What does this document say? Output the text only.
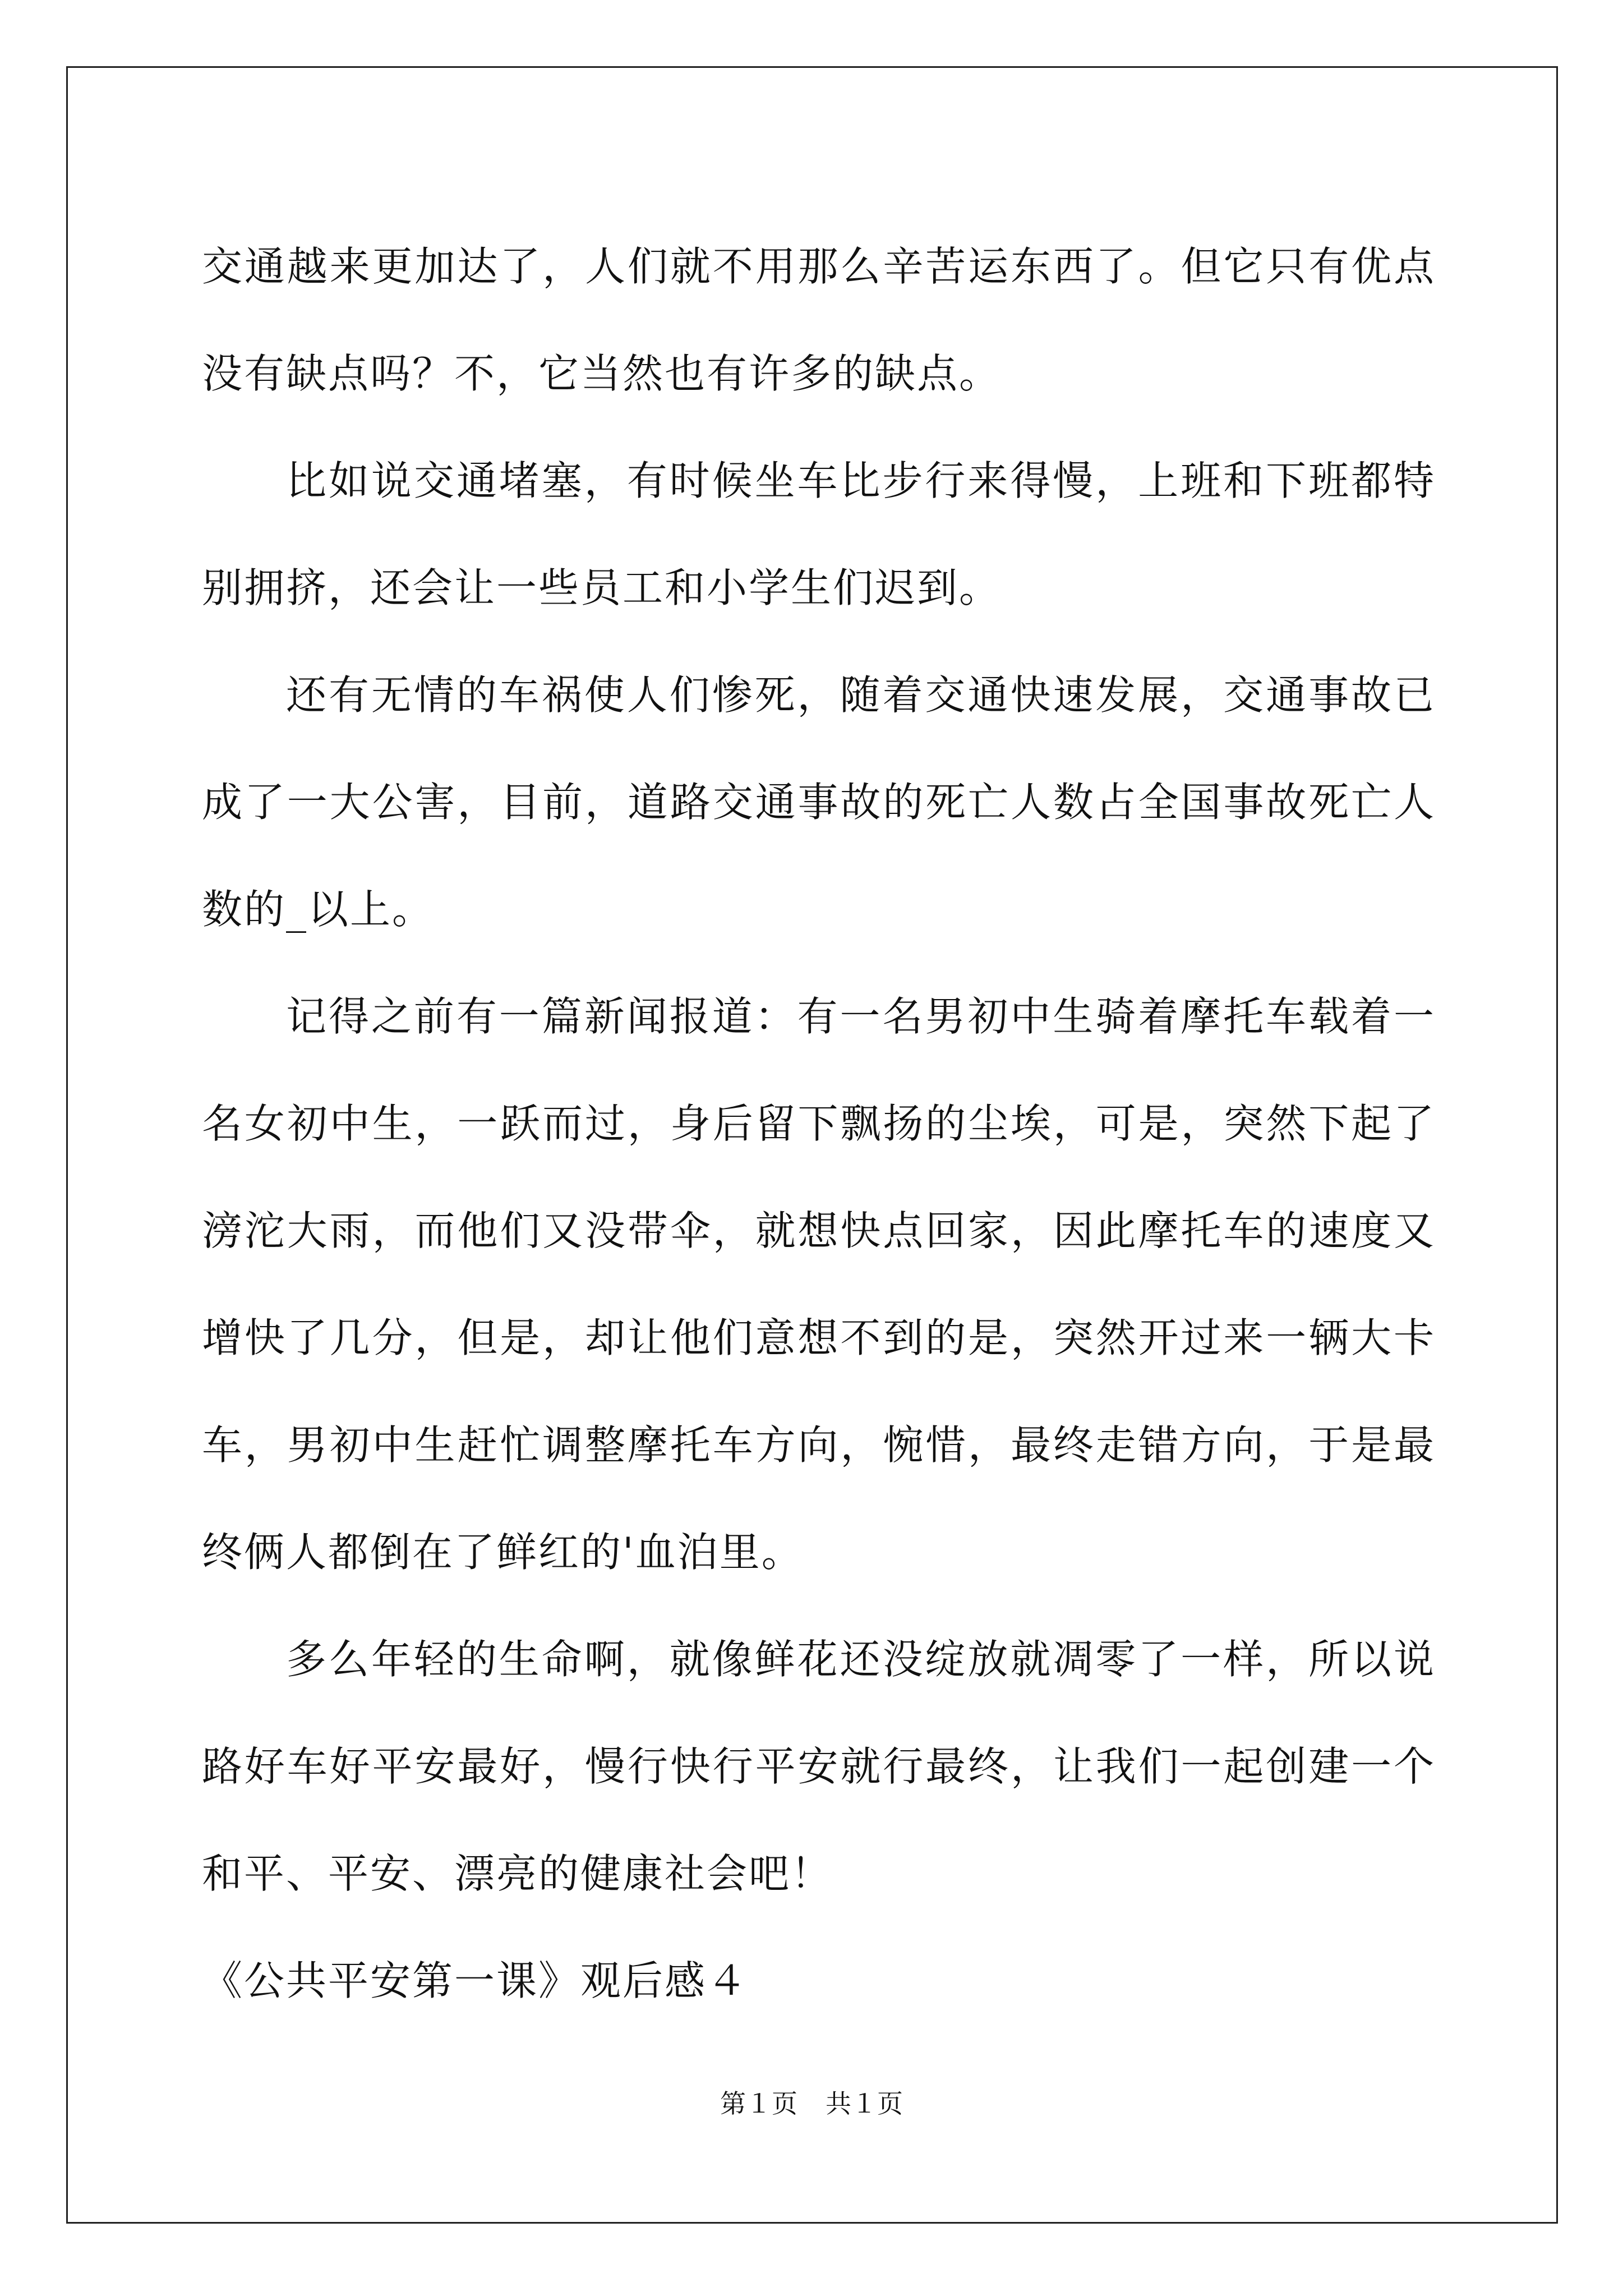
交通越来更加达了，人们就不用那么辛苦运东西了。但它只有优点没有缺点吗？不，它当然也有许多的缺点。

比如说交通堵塞，有时候坐车比步行来得慢，上班和下班都特别拥挤，还会让一些员工和小学生们迟到。

还有无情的车祸使人们惨死，随着交通快速发展，交通事故已成了一大公害，目前，道路交通事故的死亡人数占全国事故死亡人数的_以上。

记得之前有一篇新闻报道：有一名男初中生骑着摩托车载着一名女初中生，一跃而过，身后留下飘扬的尘埃，可是，突然下起了滂沱大雨，而他们又没带伞，就想快点回家，因此摩托车的速度又增快了几分，但是，却让他们意想不到的是，突然开过来一辆大卡车，男初中生赶忙调整摩托车方向，惋惜，最终走错方向，于是最终俩人都倒在了鲜红的'血泊里。

多么年轻的生命啊，就像鲜花还没绽放就凋零了一样，所以说路好车好平安最好，慢行快行平安就行最终，让我们一起创建一个和平、平安、漂亮的健康社会吧！

《公共平安第一课》观后感４

第１页 共１页
